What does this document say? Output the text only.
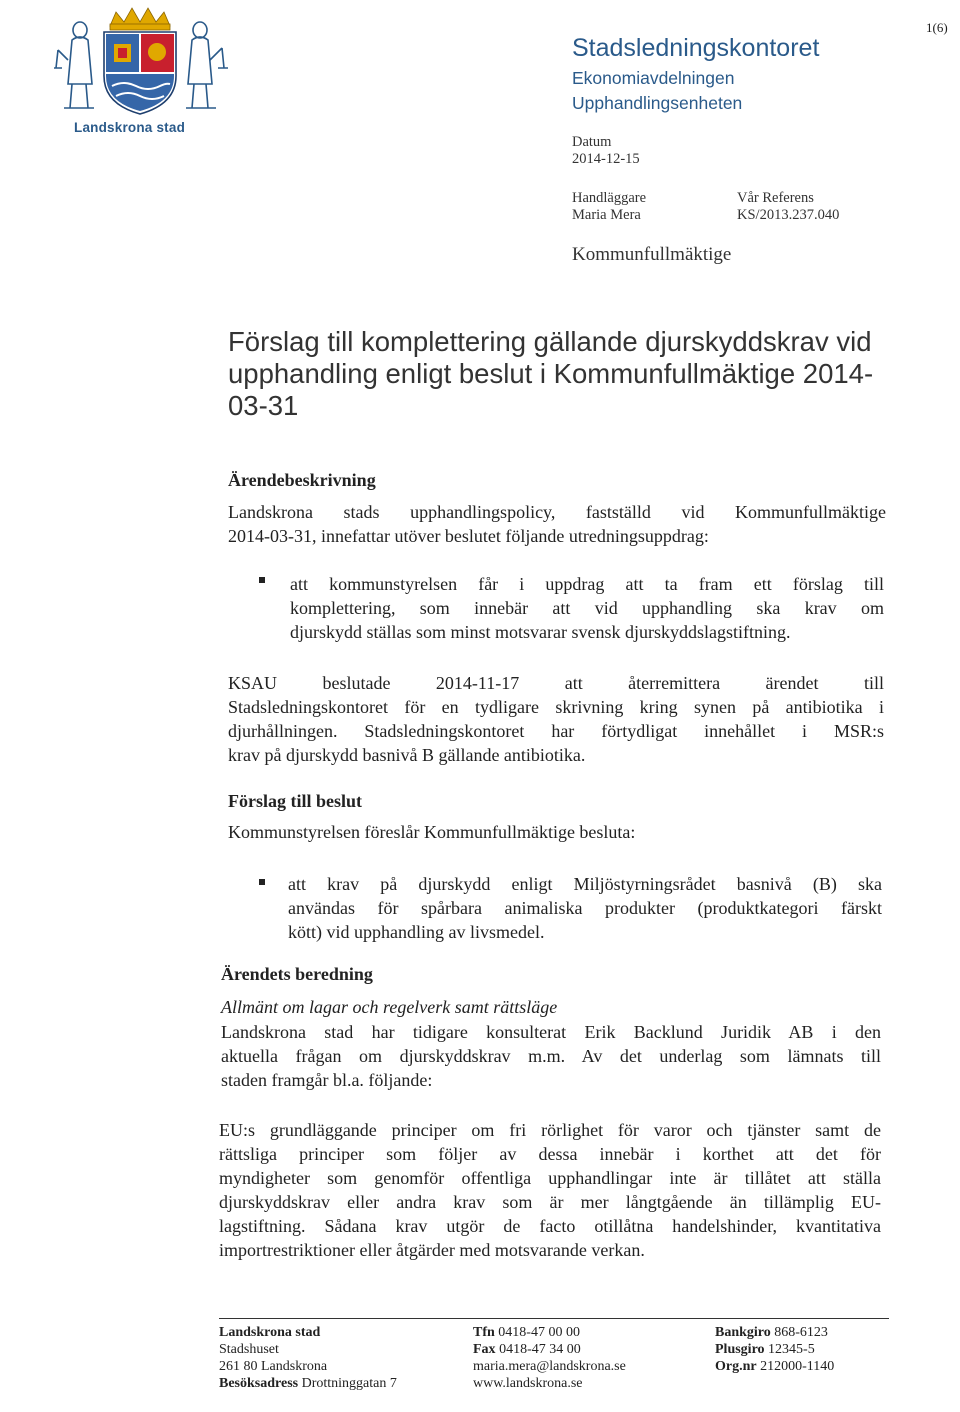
Landskrona stad
1(6)
Stadsledningskontoret
Ekonomiavdelningen
Upphandlingsenheten
Datum
2014-12-15
Handläggare
Maria Mera
Vår Referens
KS/2013.237.040
Kommunfullmäktige
Förslag till komplettering gällande djurskyddskrav vid
upphandling enligt beslut i Kommunfullmäktige 2014-
03-31
Ärendebeskrivning
Landskrona stads upphandlingspolicy, fastställd vid Kommunfullmäktige
2014-03-31, innefattar utöver beslutet följande utredningsuppdrag:
att kommunstyrelsen får i uppdrag att ta fram ett förslag till
komplettering, som innebär att vid upphandling ska krav om
djurskydd ställas som minst motsvarar svensk djurskyddslagstiftning.
KSAU beslutade 2014-11-17 att återremittera ärendet till
Stadsledningskontoret för en tydligare skrivning kring synen på antibiotika i
djurhållningen. Stadsledningskontoret har förtydligat innehållet i MSR:s
krav på djurskydd basnivå B gällande antibiotika.
Förslag till beslut
Kommunstyrelsen föreslår Kommunfullmäktige besluta:
att krav på djurskydd enligt Miljöstyrningsrådet basnivå (B) ska
användas för spårbara animaliska produkter (produktkategori färskt
kött) vid upphandling av livsmedel.
Ärendets beredning
Allmänt om lagar och regelverk samt rättsläge
Landskrona stad har tidigare konsulterat Erik Backlund Juridik AB i den
aktuella frågan om djurskyddskrav m.m. Av det underlag som lämnats till
staden framgår bl.a. följande:
EU:s grundläggande principer om fri rörlighet för varor och tjänster samt de
rättsliga principer som följer av dessa innebär i korthet att det för
myndigheter som genomför offentliga upphandlingar inte är tillåtet att ställa
djurskyddskrav eller andra krav som är mer långtgående än tillämplig EU-
lagstiftning. Sådana krav utgör de facto otillåtna handelshinder, kvantitativa
importrestriktioner eller åtgärder med motsvarande verkan.
Landskrona stad
Stadshuset
261 80 Landskrona
Besöksadress Drottninggatan 7
Tfn 0418-47 00 00
Fax 0418-47 34 00
maria.mera@landskrona.se
www.landskrona.se
Bankgiro 868-6123
Plusgiro 12345-5
Org.nr 212000-1140
